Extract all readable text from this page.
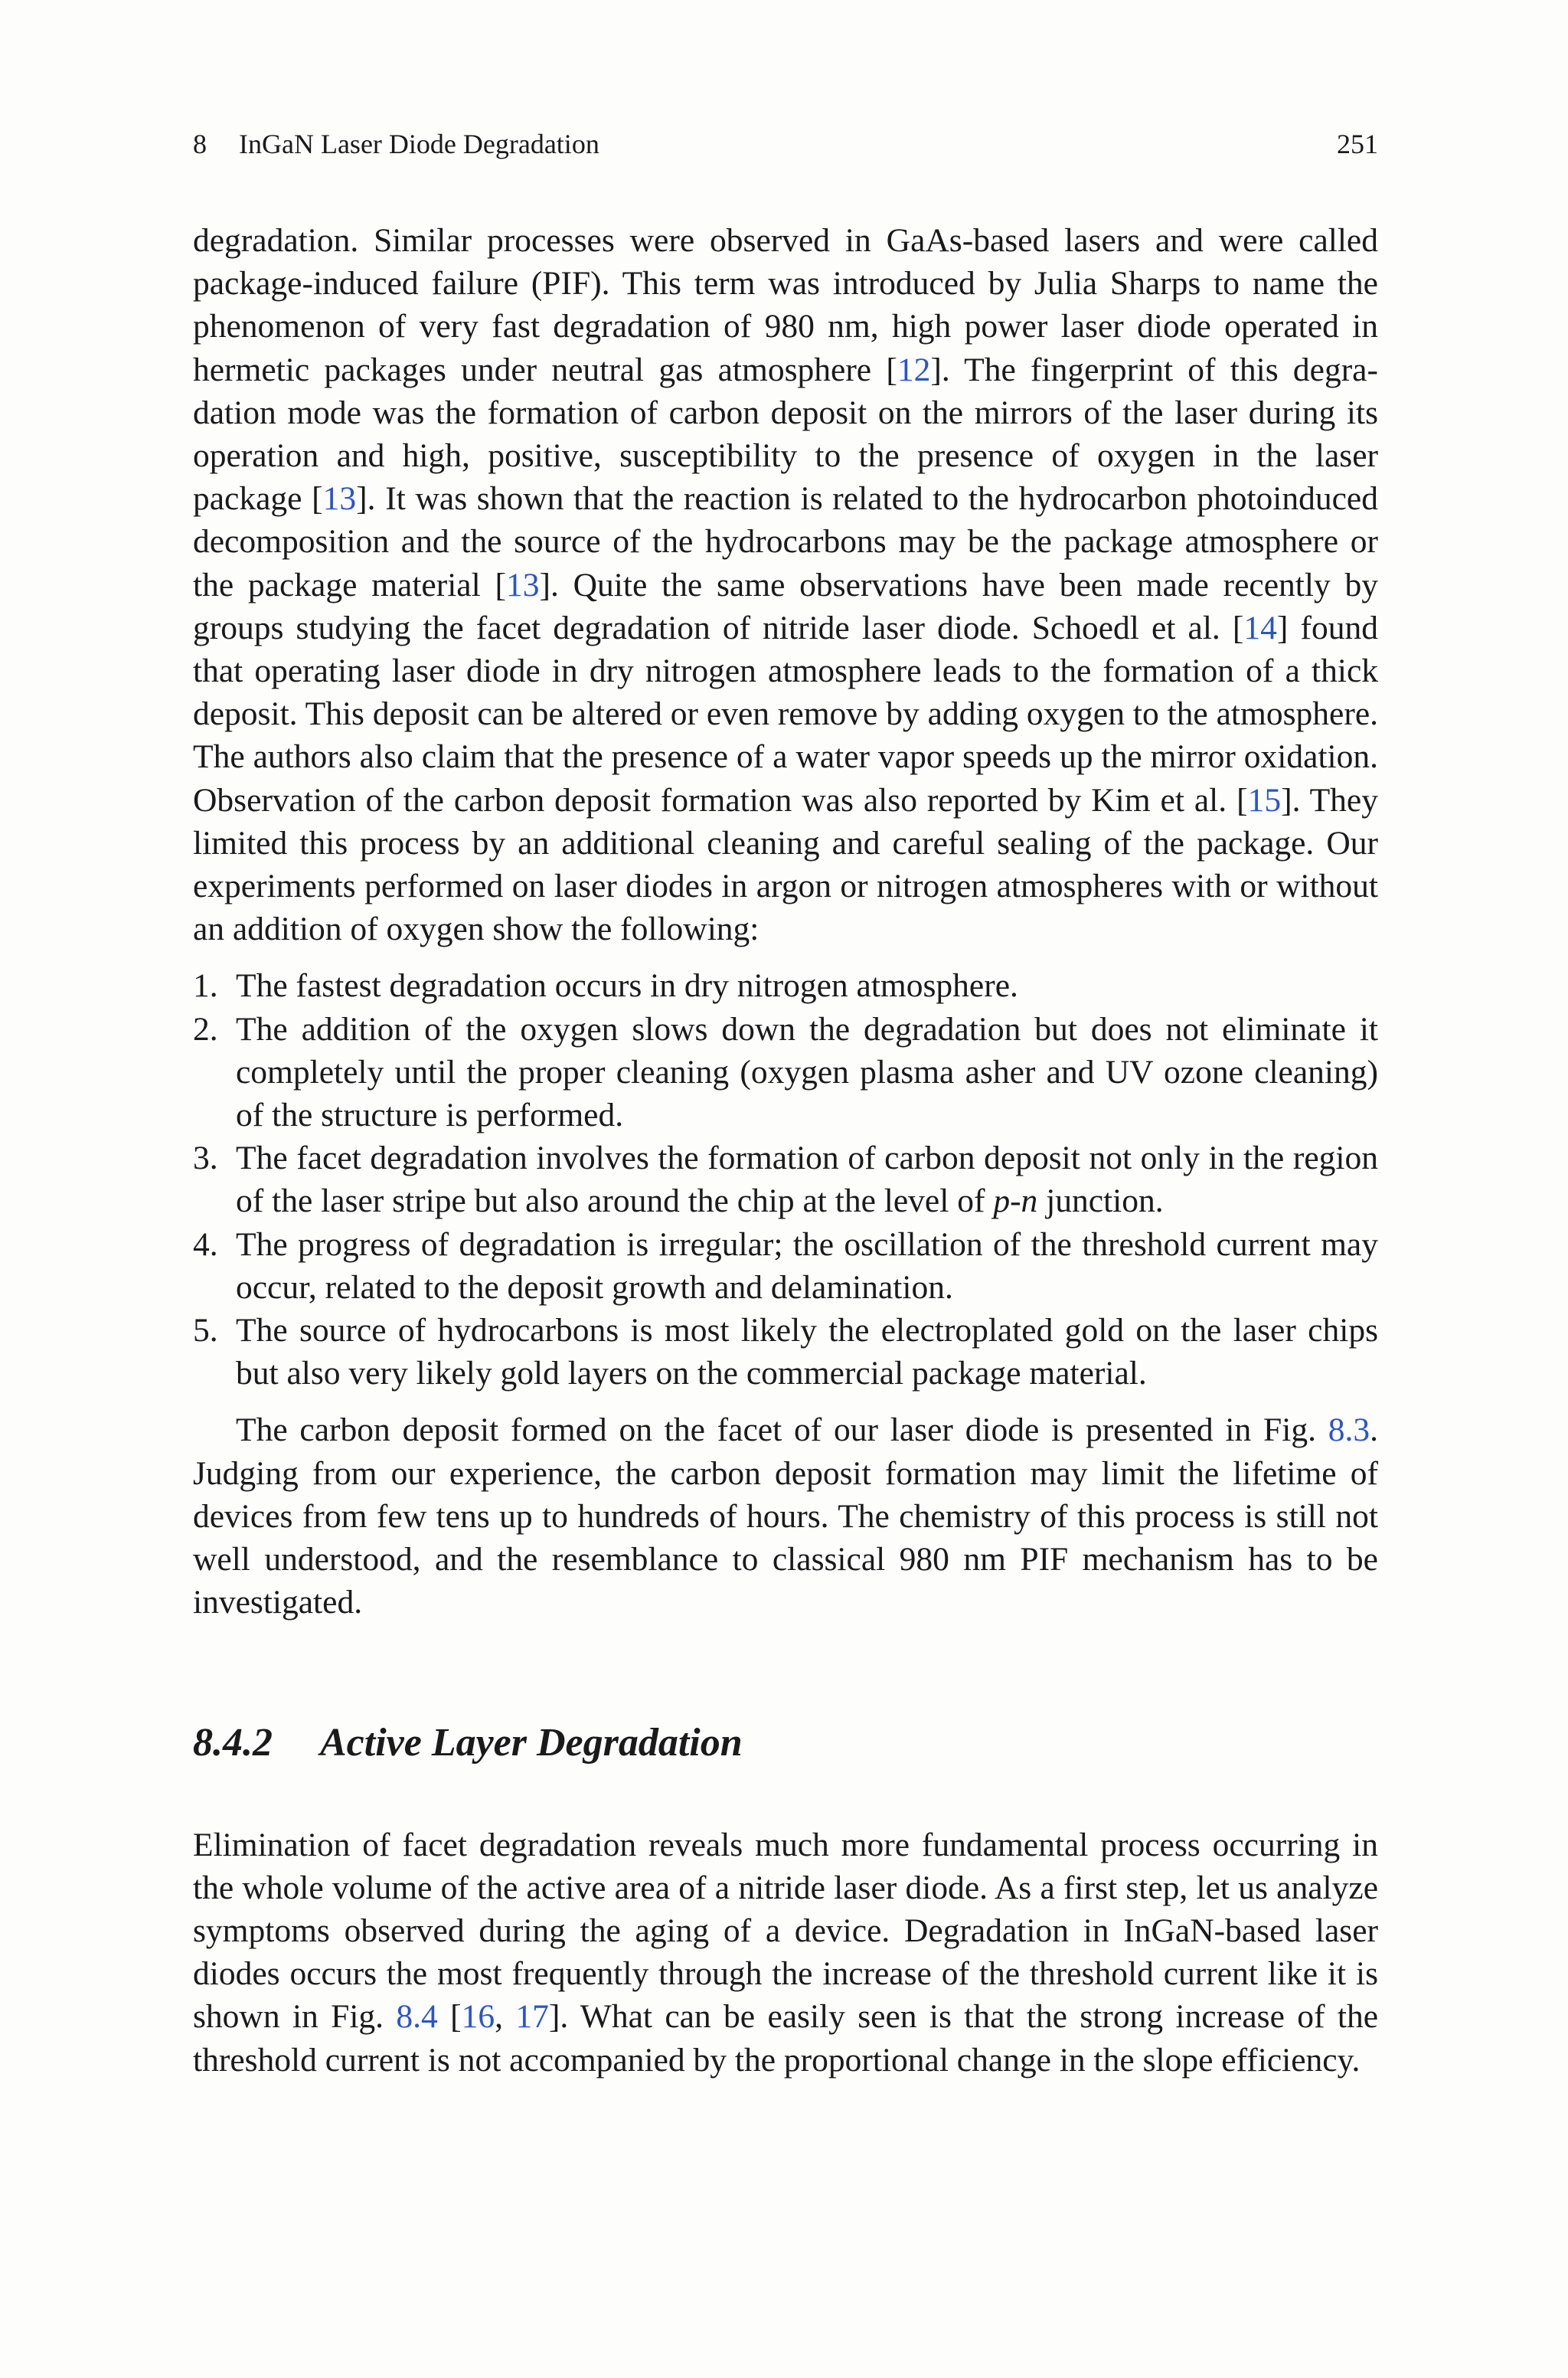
8 InGaN Laser Diode Degradation	251

degradation. Similar processes were observed in GaAs-based lasers and were called package-induced failure (PIF). This term was introduced by Julia Sharps to name the phenomenon of very fast degradation of 980 nm, high power laser diode operated in hermetic packages under neutral gas atmosphere [12]. The fingerprint of this degradation mode was the formation of carbon deposit on the mirrors of the laser during its operation and high, positive, susceptibility to the presence of oxygen in the laser package [13]. It was shown that the reaction is related to the hydrocarbon photoinduced decomposition and the source of the hydrocarbons may be the package atmosphere or the package material [13]. Quite the same observations have been made recently by groups studying the facet degradation of nitride laser diode. Schoedl et al. [14] found that operating laser diode in dry nitrogen atmosphere leads to the formation of a thick deposit. This deposit can be altered or even remove by adding oxygen to the atmosphere. The authors also claim that the presence of a water vapor speeds up the mirror oxidation. Observation of the carbon deposit formation was also reported by Kim et al. [15]. They limited this process by an additional cleaning and careful sealing of the package. Our experiments performed on laser diodes in argon or nitrogen atmospheres with or without an addition of oxygen show the following:

1. The fastest degradation occurs in dry nitrogen atmosphere.
2. The addition of the oxygen slows down the degradation but does not eliminate it completely until the proper cleaning (oxygen plasma asher and UV ozone cleaning) of the structure is performed.
3. The facet degradation involves the formation of carbon deposit not only in the region of the laser stripe but also around the chip at the level of p-n junction.
4. The progress of degradation is irregular; the oscillation of the threshold current may occur, related to the deposit growth and delamination.
5. The source of hydrocarbons is most likely the electroplated gold on the laser chips but also very likely gold layers on the commercial package material.

The carbon deposit formed on the facet of our laser diode is presented in Fig. 8.3. Judging from our experience, the carbon deposit formation may limit the lifetime of devices from few tens up to hundreds of hours. The chemistry of this process is still not well understood, and the resemblance to classical 980 nm PIF mechanism has to be investigated.

8.4.2	Active Layer Degradation

Elimination of facet degradation reveals much more fundamental process occurring in the whole volume of the active area of a nitride laser diode. As a first step, let us analyze symptoms observed during the aging of a device. Degradation in InGaN-based laser diodes occurs the most frequently through the increase of the threshold current like it is shown in Fig. 8.4 [16, 17]. What can be easily seen is that the strong increase of the threshold current is not accompanied by the proportional change in the slope efficiency.
